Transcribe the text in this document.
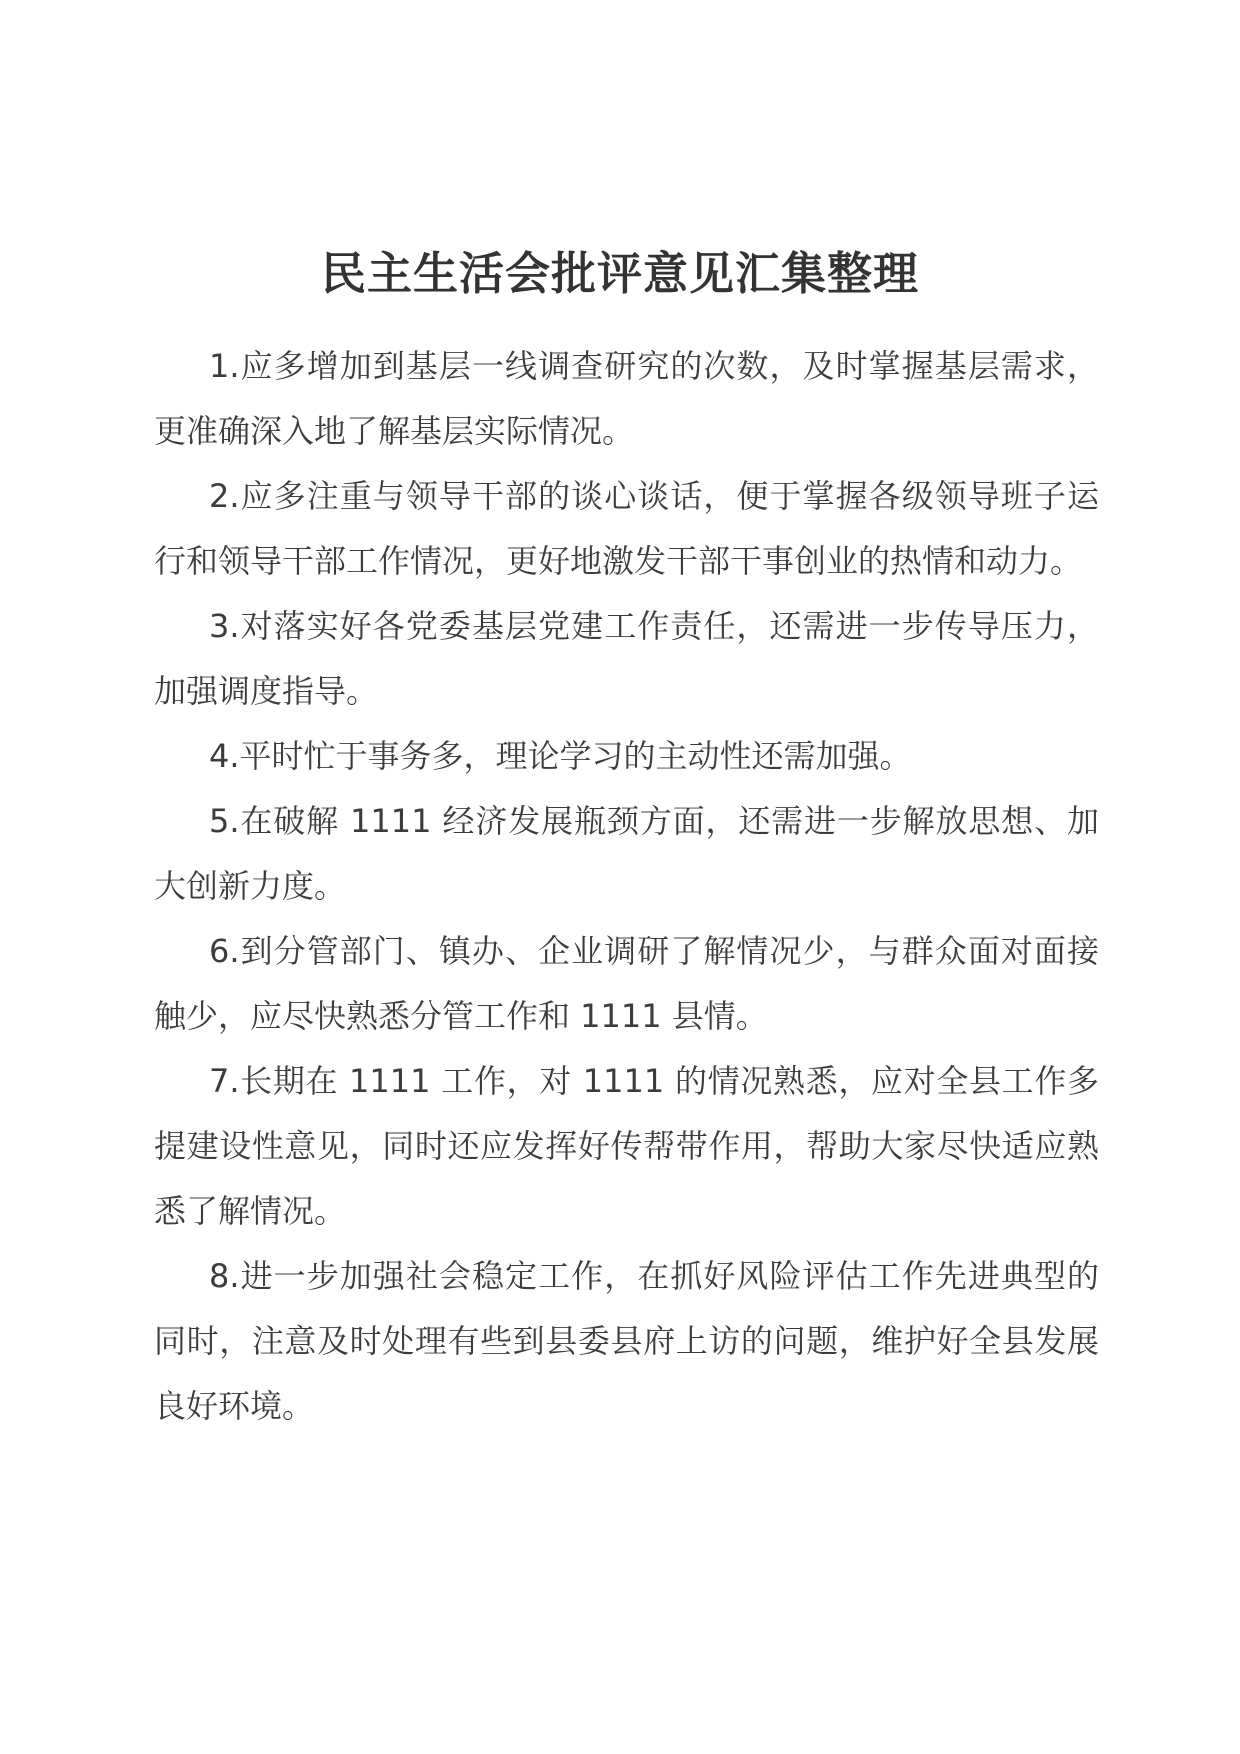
民主生活会批评意见汇集整理

1.应多增加到基层一线调查研究的次数，及时掌握基层需求，更准确深入地了解基层实际情况。

2.应多注重与领导干部的谈心谈话，便于掌握各级领导班子运行和领导干部工作情况，更好地激发干部干事创业的热情和动力。

3.对落实好各党委基层党建工作责任，还需进一步传导压力，加强调度指导。

4.平时忙于事务多，理论学习的主动性还需加强。

5.在破解 1111 经济发展瓶颈方面，还需进一步解放思想、加大创新力度。

6.到分管部门、镇办、企业调研了解情况少，与群众面对面接触少，应尽快熟悉分管工作和 1111 县情。

7.长期在 1111 工作，对 1111 的情况熟悉，应对全县工作多提建设性意见，同时还应发挥好传帮带作用，帮助大家尽快适应熟悉了解情况。

8.进一步加强社会稳定工作，在抓好风险评估工作先进典型的同时，注意及时处理有些到县委县府上访的问题，维护好全县发展良好环境。
